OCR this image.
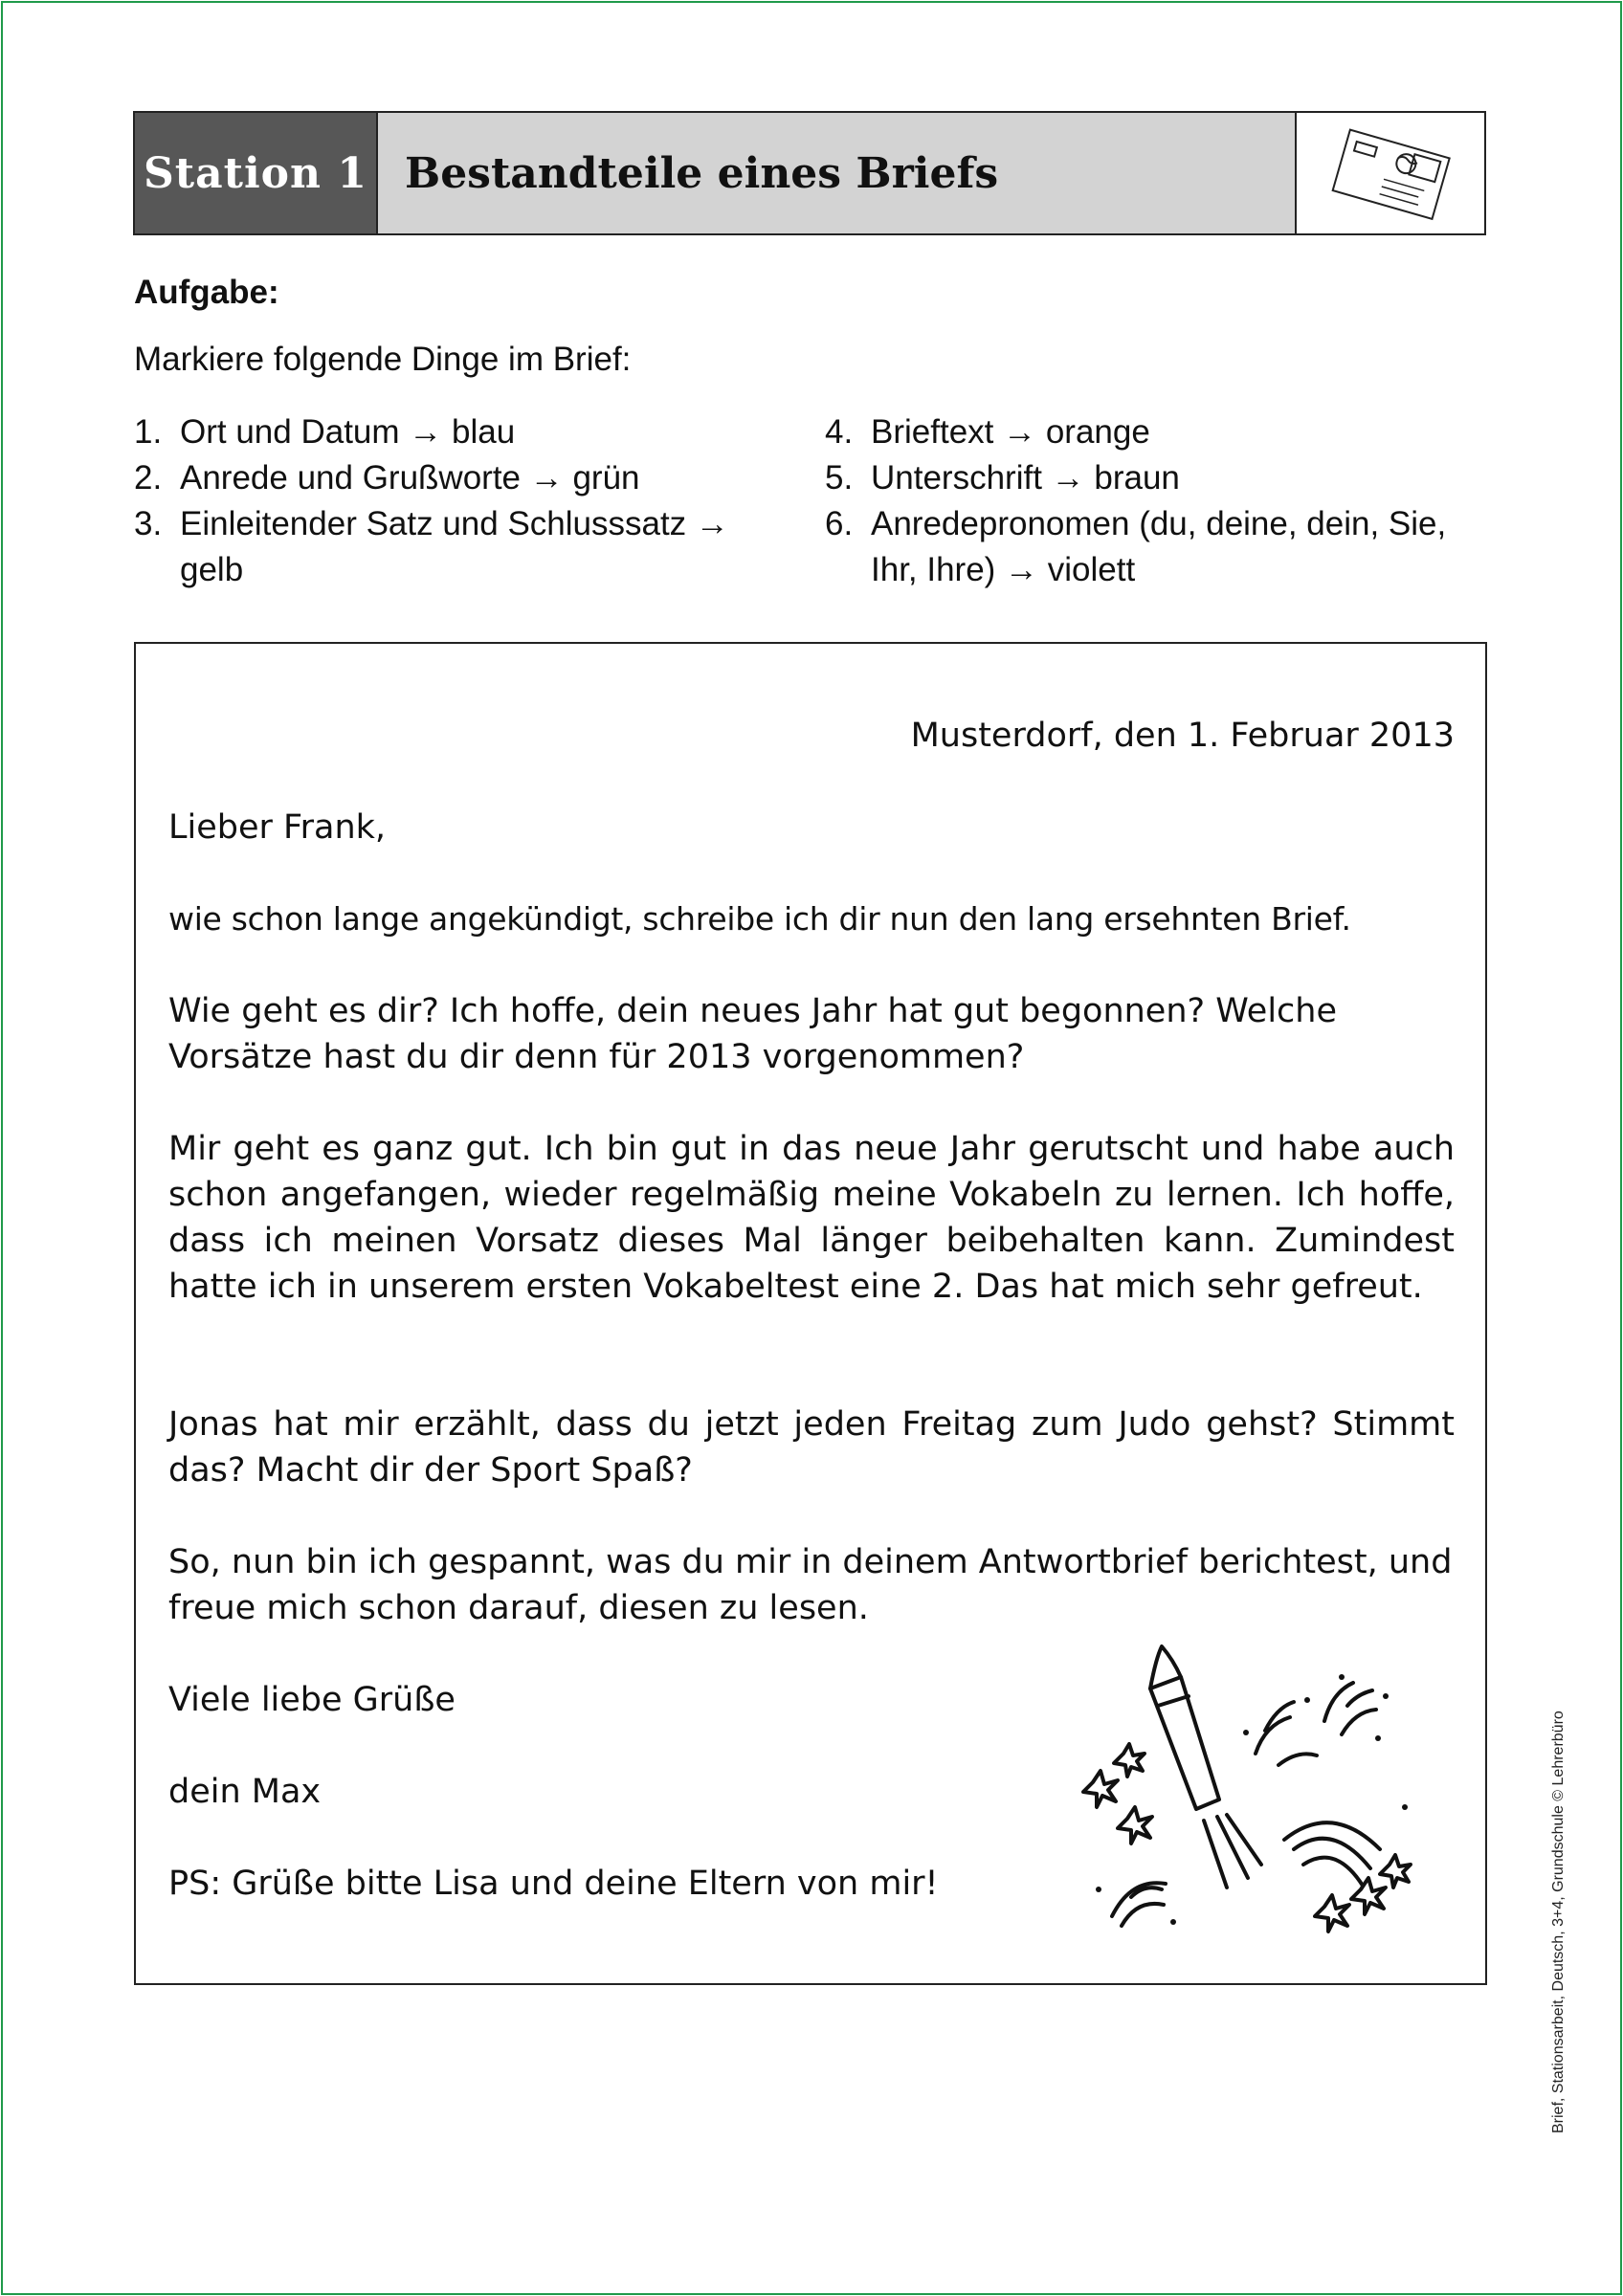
Station 1 Bestandteile eines Briefs
Aufgabe:
Markiere folgende Dinge im Brief:
1. Ort und Datum → blau
2. Anrede und Grußworte → grün
3. Einleitender Satz und Schlusssatz → gelb
4. Brieftext → orange
5. Unterschrift → braun
6. Anredepronomen (du, deine, dein, Sie, Ihr, Ihre) → violett
Musterdorf, den 1. Februar 2013
Lieber Frank,
wie schon lange angekündigt, schreibe ich dir nun den lang ersehnten Brief.
Wie geht es dir? Ich hoffe, dein neues Jahr hat gut begonnen? Welche Vorsätze hast du dir denn für 2013 vorgenommen?
Mir geht es ganz gut. Ich bin gut in das neue Jahr gerutscht und habe auch schon angefangen, wieder regelmäßig meine Vokabeln zu lernen. Ich hoffe, dass ich meinen Vorsatz dieses Mal länger beibehalten kann. Zumindest hatte ich in unserem ersten Vokabeltest eine 2. Das hat mich sehr gefreut.
Jonas hat mir erzählt, dass du jetzt jeden Freitag zum Judo gehst? Stimmt das? Macht dir der Sport Spaß?
So, nun bin ich gespannt, was du mir in deinem Antwortbrief berichtest, und freue mich schon darauf, diesen zu lesen.
Viele liebe Grüße
dein Max
PS: Grüße bitte Lisa und deine Eltern von mir!	Brief, Stationsarbeit, Deutsch, 3+4, Grundschule © Lehrerbüro
